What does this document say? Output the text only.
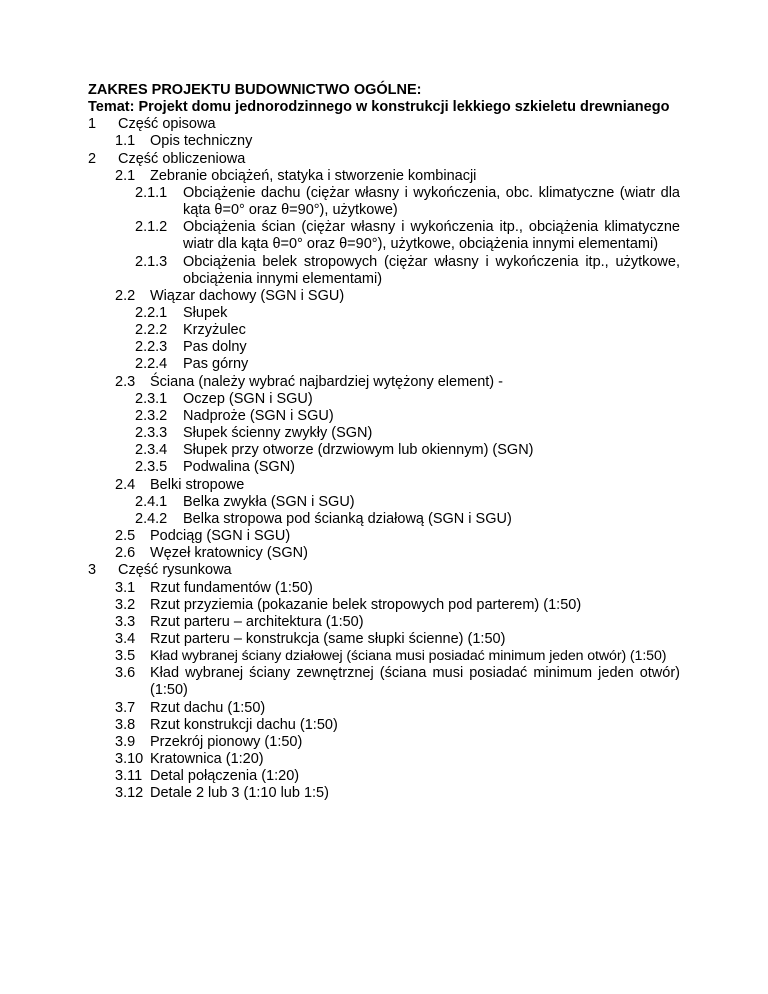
ZAKRES PROJEKTU BUDOWNICTWO OGÓLNE:
Temat: Projekt domu jednorodzinnego w konstrukcji lekkiego szkieletu drewnianego
1	Część opisowa
1.1	Opis techniczny
2	Część obliczeniowa
2.1	Zebranie obciążeń, statyka i stworzenie kombinacji
2.1.1	Obciążenie dachu (ciężar własny i wykończenia, obc. klimatyczne (wiatr dla
kąta θ=0° oraz θ=90°), użytkowe)
2.1.2	Obciążenia ścian (ciężar własny i wykończenia itp., obciążenia klimatyczne
wiatr dla kąta θ=0° oraz θ=90°), użytkowe, obciążenia innymi elementami)
2.1.3	Obciążenia belek stropowych (ciężar własny i wykończenia itp., użytkowe,
obciążenia innymi elementami)
2.2	Wiązar dachowy (SGN i SGU)
2.2.1	Słupek
2.2.2	Krzyżulec
2.2.3	Pas dolny
2.2.4	Pas górny
2.3	Ściana (należy wybrać najbardziej wytężony element) -
2.3.1	Oczep (SGN i SGU)
2.3.2	Nadproże (SGN i SGU)
2.3.3	Słupek ścienny zwykły (SGN)
2.3.4	Słupek przy otworze (drzwiowym lub okiennym) (SGN)
2.3.5	Podwalina (SGN)
2.4	Belki stropowe
2.4.1	Belka zwykła (SGN i SGU)
2.4.2	Belka stropowa pod ścianką działową (SGN i SGU)
2.5	Podciąg (SGN i SGU)
2.6	Węzeł kratownicy (SGN)
3	Część rysunkowa
3.1	Rzut fundamentów (1:50)
3.2	Rzut przyziemia (pokazanie belek stropowych pod parterem) (1:50)
3.3	Rzut parteru – architektura (1:50)
3.4	Rzut parteru – konstrukcja (same słupki ścienne) (1:50)
3.5	Kład wybranej ściany działowej (ściana musi posiadać minimum jeden otwór) (1:50)
3.6	Kład wybranej ściany zewnętrznej (ściana musi posiadać minimum jeden otwór)
(1:50)
3.7	Rzut dachu (1:50)
3.8	Rzut konstrukcji dachu (1:50)
3.9	Przekrój pionowy (1:50)
3.10 Kratownica (1:20)
3.11 Detal połączenia (1:20)
3.12 Detale 2 lub 3 (1:10 lub 1:5)
